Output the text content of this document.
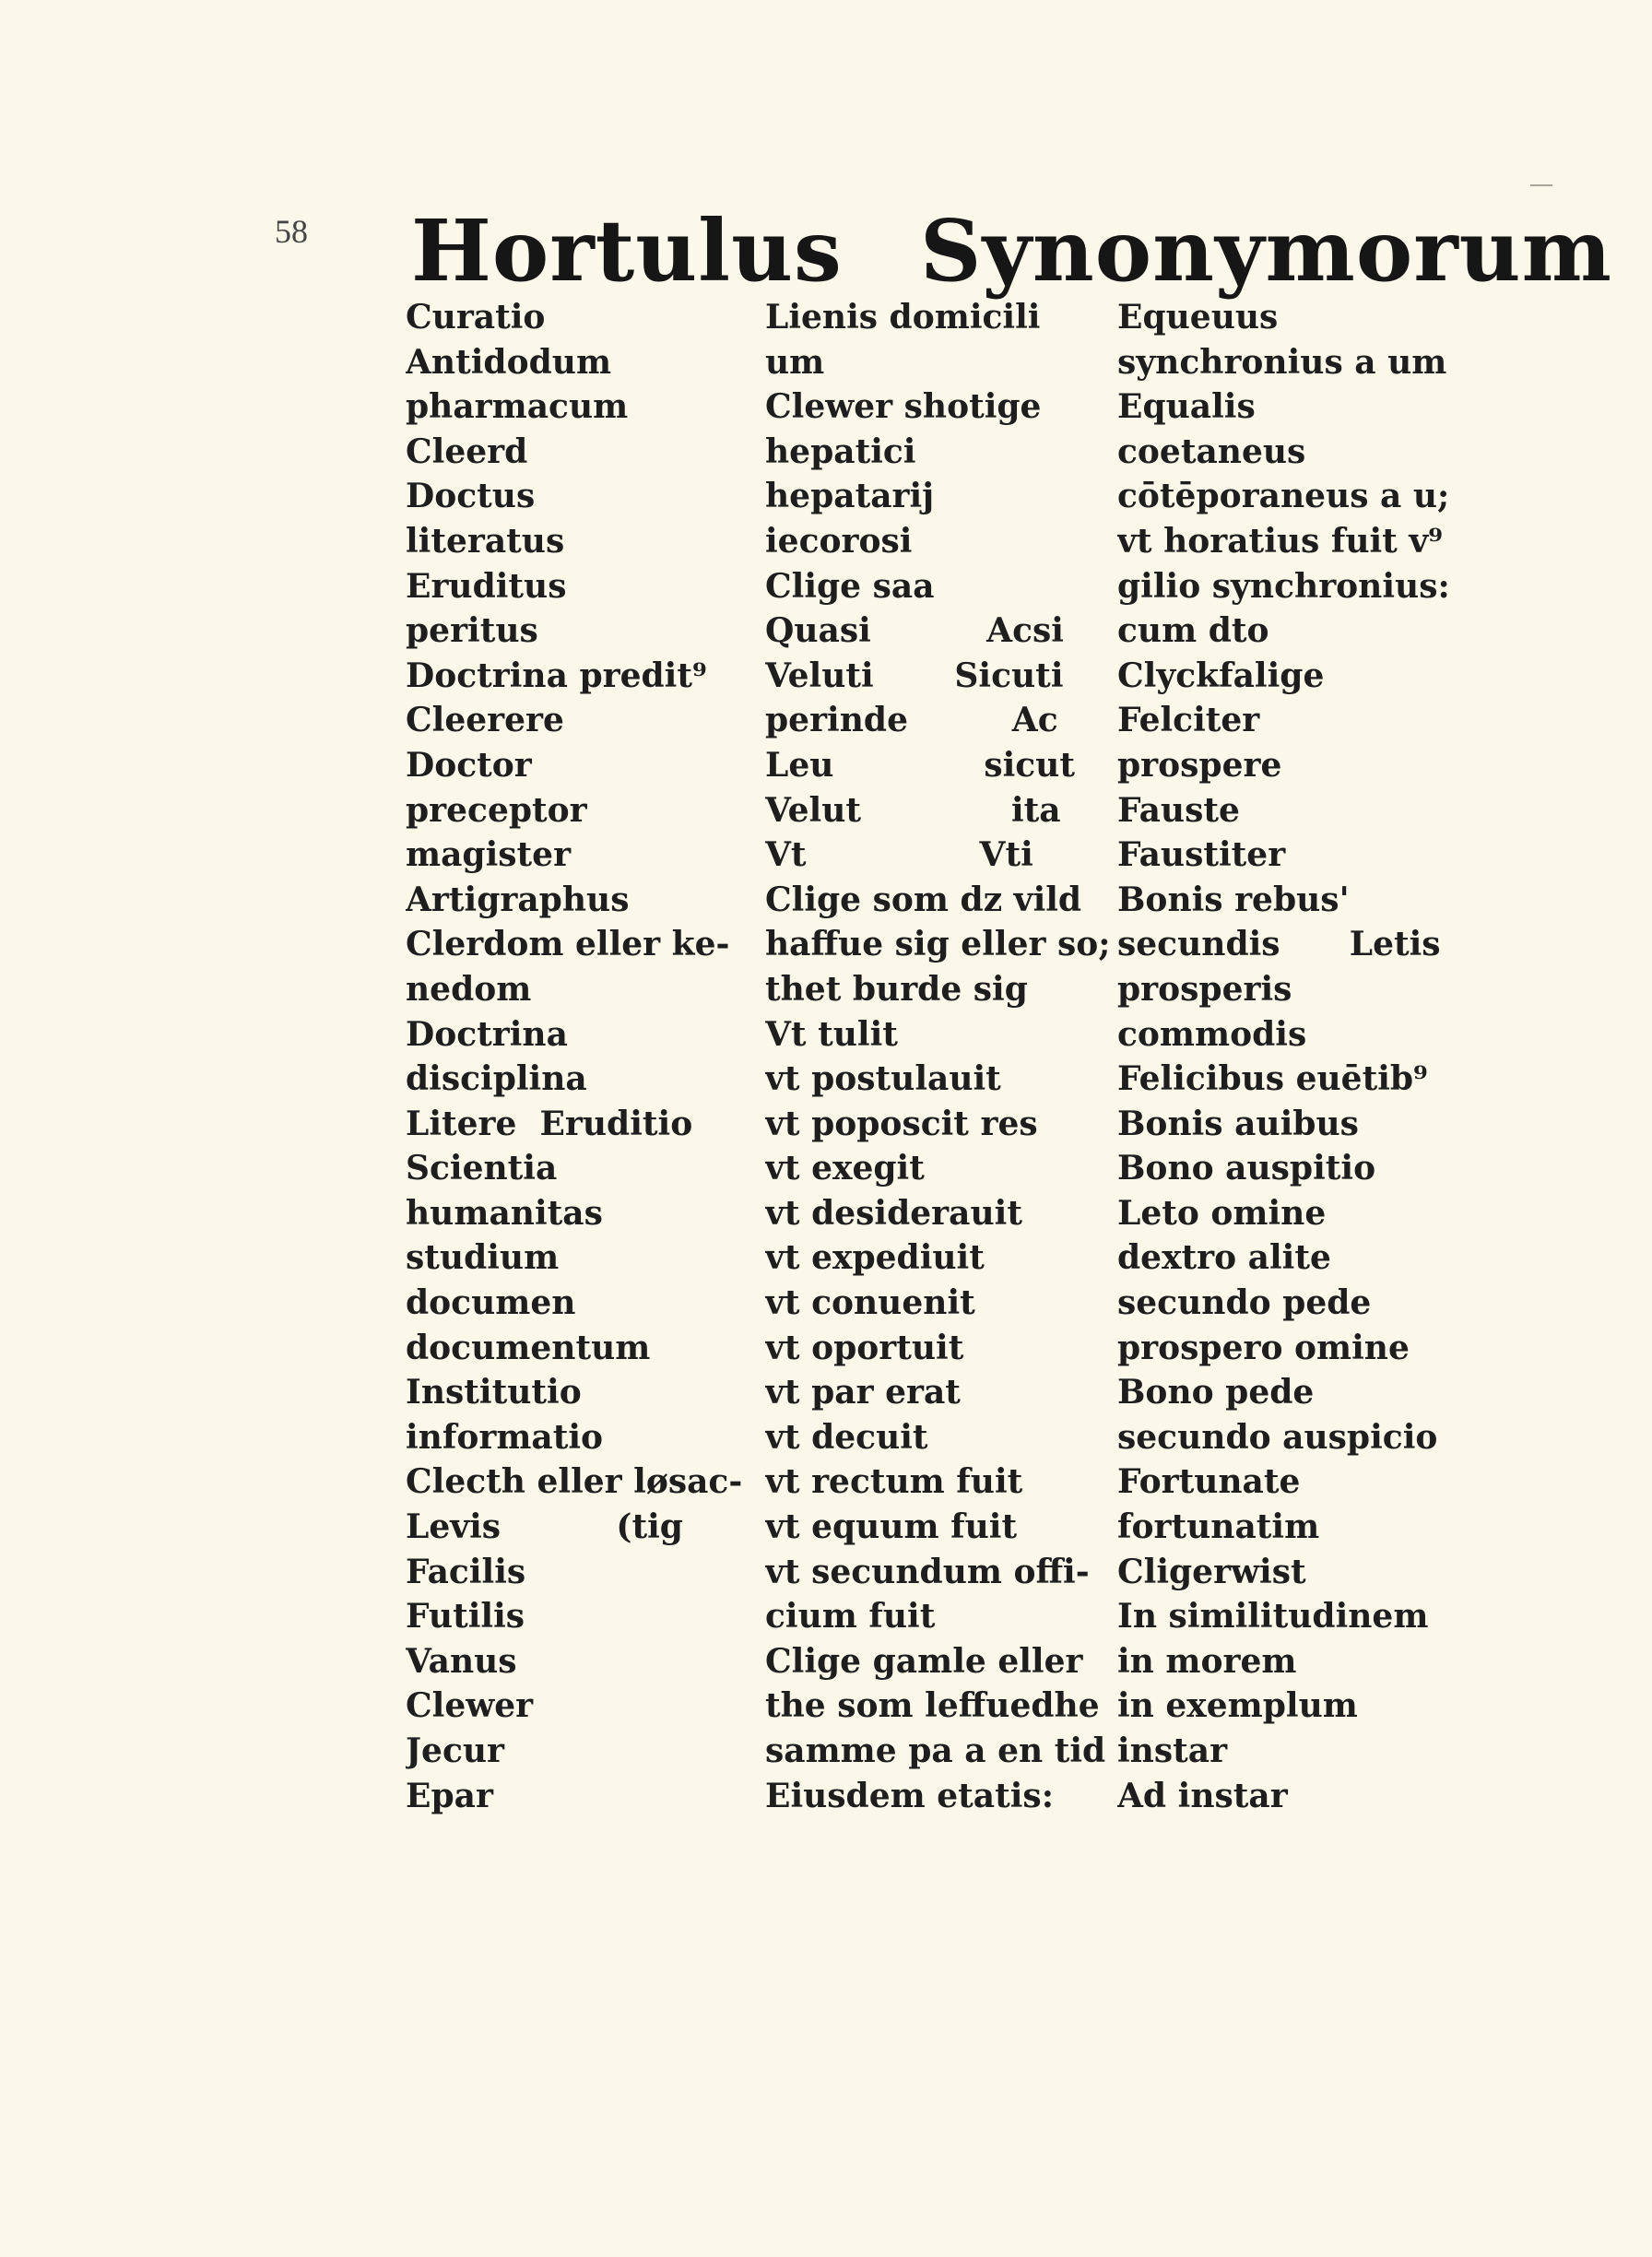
58 Hortulus Synonymorum
Curatio
Antidodum
pharmacum
Cleerd
Doctus
literatus
Eruditus
peritus
Doctrina predit⁹
Cleerere
Doctor
preceptor
magister
Artigraphus
Clerdom eller ke-
nedom
Doctrina
disciplina
Litere  Eruditio
Scientia
humanitas
studium
documen
documentum
Institutio
informatio
Clecth eller løsac-
Levis          (tig
Facilis
Futilis
Vanus
Clewer
Jecur
Epar
Lienis domicili
um
Clewer shotige
hepatici
hepatarij
iecorosi
Clige saa
Quasi          Acsi
Veluti       Sicuti
perinde         Ac
Leu             sicut
Velut             ita
Vt               Vti
Clige som dz vild
haffue sig eller so;
thet burde sig
Vt tulit
vt postulauit
vt poposcit res
vt exegit
vt desiderauit
vt expediuit
vt conuenit
vt oportuit
vt par erat
vt decuit
vt rectum fuit
vt equum fuit
vt secundum offi-
cium fuit
Clige gamle eller
the som leffuedhe
samme pa a en tid
Eiusdem etatis:
Equeuus
synchronius a um
Equalis
coetaneus
cōtēporaneus a u;
vt horatius fuit v⁹
gilio synchronius:
cum dto
Clyckfalige
Felciter
prospere
Fauste
Faustiter
Bonis rebus'
secundis      Letis
prosperis
commodis
Felicibus euētib⁹
Bonis auibus
Bono auspitio
Leto omine
dextro alite
secundo pede
prospero omine
Bono pede
secundo auspicio
Fortunate
fortunatim
Cligerwist
In similitudinem
in morem
in exemplum
instar
Ad instar
